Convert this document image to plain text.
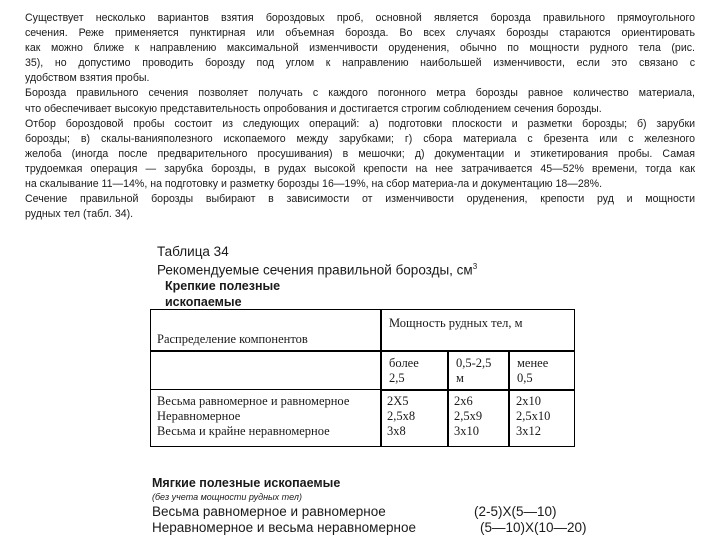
Существует несколько вариантов взятия бороздовых проб, основной является борозда правильного прямоугольного
сечения. Реже применяется пунктирная или объемная борозда. Во всех случаях борозды стараются ориентировать
как можно ближе к направлению максимальной изменчивости оруденения, обычно по мощности рудного тела (рис.
35), но допустимо проводить борозду под углом к направлению наибольшей изменчивости, если это связано с
удобством взятия пробы.
Борозда правильного сечения позволяет получать с каждого погонного метра борозды равное количество материала,
что обеспечивает высокую представительность опробования и достигается строгим соблюдением сечения борозды.
Отбор бороздовой пробы состоит из следующих операций: а) подготовки плоскости и разметки борозды; б) зарубки
борозды; в) скалы-ванияполезного ископаемого между зарубками; г) сбора материала с брезента или с железного
желоба (иногда после предварительного просушивания) в мешочки; д) документации и этикетирования пробы. Самая
трудоемкая операция — зарубка борозды, в рудах высокой крепости на нее затрачивается 45—52% времени, тогда как
на скалывание 11—14%, на подготовку и разметку борозды 16—19%, на сбор материа-ла и документацию 18—28%.
Сечение правильной борозды выбирают в зависимости от изменчивости оруденения, крепости руд и мощности
рудных тел (табл. 34).
Таблица 34
Рекомендуемые сечения правильной борозды, $см^3$
Крепкие полезные
ископаемые
Распределение компонентов
Мощность рудных тел, м
более
2,5
0,5-2,5
м
менее
0,5
Весьма равномерное и равномерное
Неравномерное
Весьма и крайне неравномерное
2Х5
2,5х8
3х8
2х6
2,5х9
3х10
2х10
2,5х10
3х12
Мягкие полезные ископаемые
(без учета мощности рудных тел)
Весьма равномерное и равномерное	(2-5)Х(5—10)
Неравномерное и весьма неравномерное	(5—10)Х(10—20)
